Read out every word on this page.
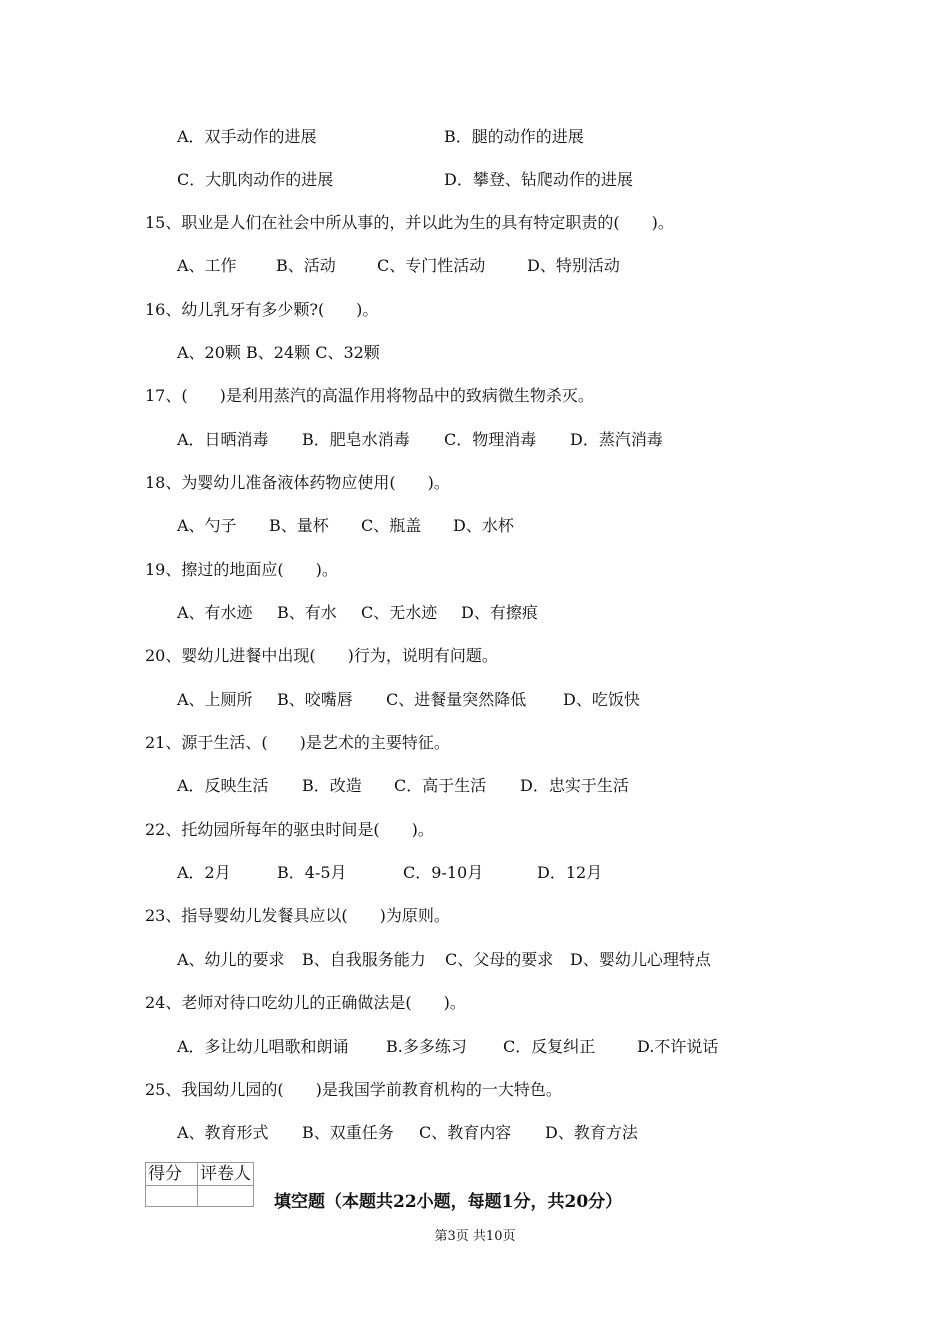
A．双手动作的进展	B．腿的动作的进展
C．大肌肉动作的进展	D．攀登、钻爬动作的进展
15、职业是人们在社会中所从事的，并以此为生的具有特定职责的(　　)。
A、工作 B、活动	C、专门性活动	D、特别活动
16、幼儿乳牙有多少颗?(　　)。
A、20颗 B、24颗 C、32颗
17、(　　)是利用蒸汽的高温作用将物品中的致病微生物杀灭。
A．日晒消毒 B．肥皂水消毒 C．物理消毒 D．蒸汽消毒
18、为婴幼儿准备液体药物应使用(　　)。
A、勺子 B、量杯 C、瓶盖 D、水杯
19、擦过的地面应(　　)。
A、有水迹 B、有水 C、无水迹 D、有擦痕
20、婴幼儿进餐中出现(　　)行为，说明有问题。
A、上厕所 B、咬嘴唇 C、进餐量突然降低 D、吃饭快
21、源于生活、(　　)是艺术的主要特征。
A．反映生活 B．改造 C．高于生活 D．忠实于生活
22、托幼园所每年的驱虫时间是(　　)。
A．2月	B．4-5月	C．9-10月	D．12月
23、指导婴幼儿发餐具应以(　　)为原则。
A、幼儿的要求 B、自我服务能力 C、父母的要求 D、婴幼儿心理特点
24、老师对待口吃幼儿的正确做法是(　　)。
A．多让幼儿唱歌和朗诵 B.多多练习 C．反复纠正	D.不许说话
25、我国幼儿园的(　　)是我国学前教育机构的一大特色。
A、教育形式 B、双重任务 C、教育内容 D、教育方法
得分	评卷人

填空题（本题共22小题，每题1分，共20分）
第3页 共10页
